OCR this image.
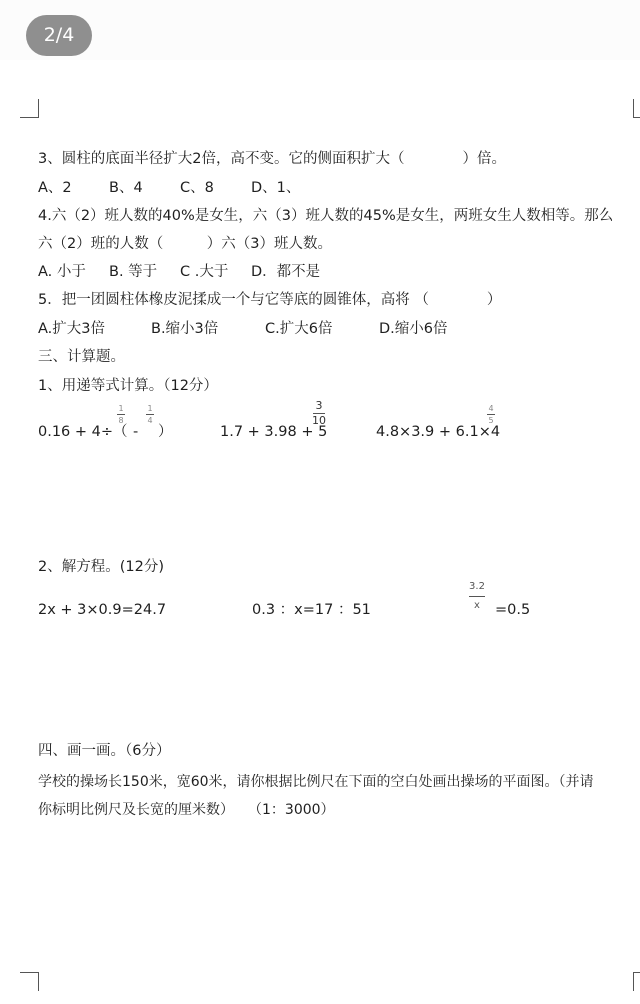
2/4
3、圆柱的底面半径扩大2倍，高不变。它的侧面积扩大（　　　　）倍。
A、2	B、4	C、8	D、1、
4.六（2）班人数的40%是女生，六（3）班人数的45%是女生，两班女生人数相等。那么
六（2）班的人数（　　　）六（3）班人数。
A. 小于 B. 等于 C .大于 D．都不是
5．把一团圆柱体橡皮泥揉成一个与它等底的圆锥体，高将 （　　　　）
A.扩大3倍	B.缩小3倍	C.扩大6倍	D.缩小6倍
三、计算题。
1、用递等式计算。（12分）
0.16 + 4÷（
1
8
-
1
4
）	1.7 + 3.98 + 5
3
10
4.8×3.9 + 6.1×4
4
5
2、解方程。(12分)
2x + 3×0.9=24.7	0.3 ：x=17 ：51
3.2
x =0.5
四、画一画。（6分）
学校的操场长150米，宽60米，请你根据比例尺在下面的空白处画出操场的平面图。（并请
你标明比例尺及长宽的厘米数）　　（1：3000）
